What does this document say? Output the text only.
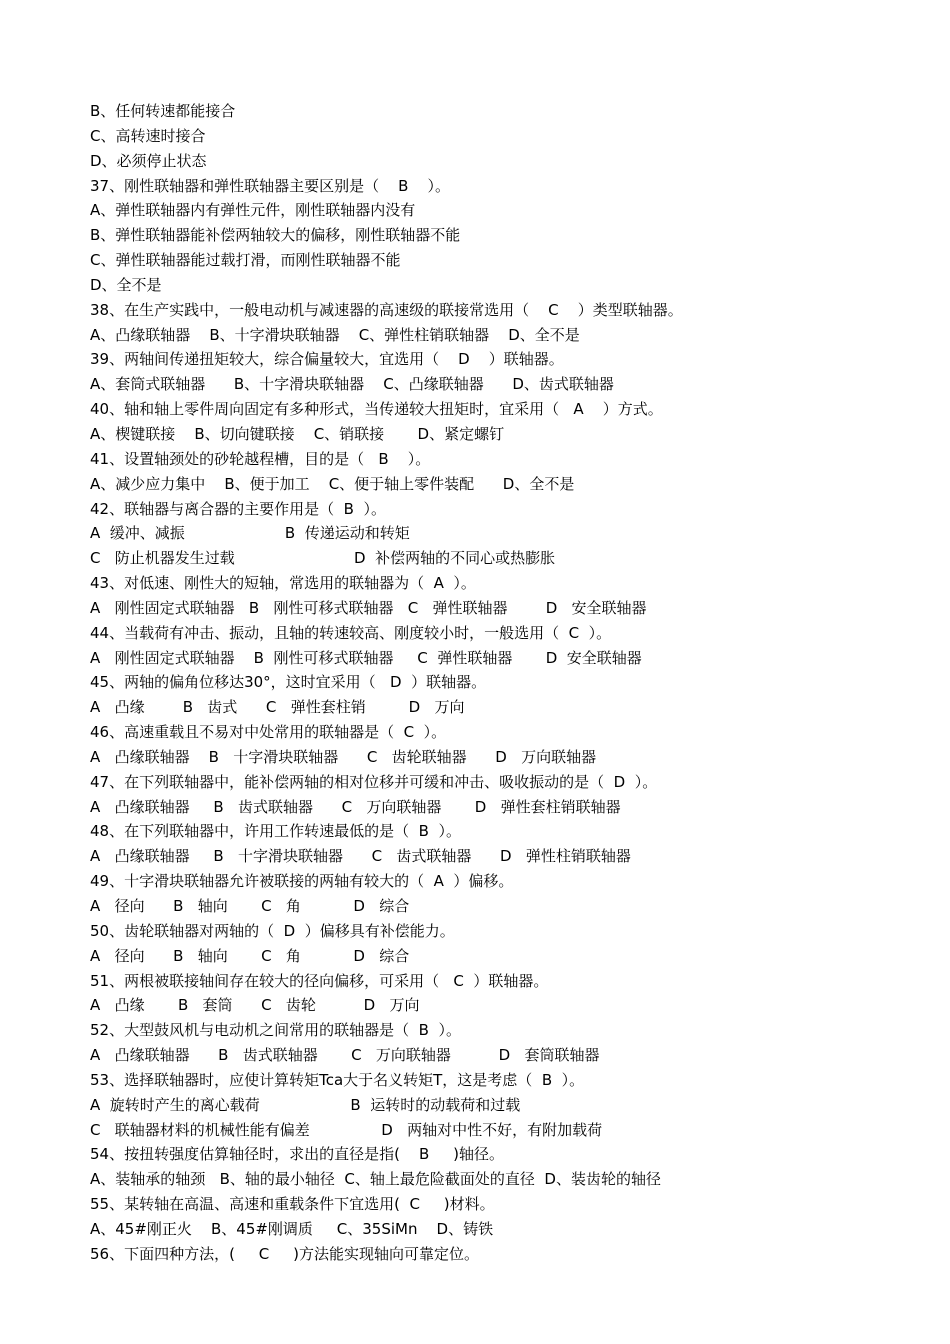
B、任何转速都能接合
C、高转速时接合
D、必须停止状态
37、刚性联轴器和弹性联轴器主要区别是（    B    ）。
A、弹性联轴器内有弹性元件，刚性联轴器内没有
B、弹性联轴器能补偿两轴较大的偏移，刚性联轴器不能
C、弹性联轴器能过载打滑，而刚性联轴器不能
D、全不是
38、在生产实践中，一般电动机与减速器的高速级的联接常选用（    C    ）类型联轴器。
A、凸缘联轴器    B、十字滑块联轴器    C、弹性柱销联轴器    D、全不是
39、两轴间传递扭矩较大，综合偏量较大，宜选用（    D    ）联轴器。
A、套筒式联轴器      B、十字滑块联轴器    C、凸缘联轴器      D、齿式联轴器
40、轴和轴上零件周向固定有多种形式，当传递较大扭矩时，宜采用（   A    ）方式。
A、楔键联接    B、切向键联接    C、销联接       D、紧定螺钉
41、设置轴颈处的砂轮越程槽，目的是（   B    ）。
A、减少应力集中    B、便于加工    C、便于轴上零件装配      D、全不是
42、联轴器与离合器的主要作用是（  B  ）。
A  缓冲、减振                     B  传递运动和转矩
C   防止机器发生过载                         D  补偿两轴的不同心或热膨胀
43、对低速、刚性大的短轴，常选用的联轴器为（  A  ）。
A   刚性固定式联轴器   B   刚性可移式联轴器   C   弹性联轴器        D   安全联轴器
44、当载荷有冲击、振动，且轴的转速较高、刚度较小时，一般选用（  C  ）。
A   刚性固定式联轴器    B  刚性可移式联轴器     C  弹性联轴器       D  安全联轴器
45、两轴的偏角位移达30°，这时宜采用（   D  ）联轴器。
A   凸缘        B   齿式      C   弹性套柱销         D   万向
46、高速重载且不易对中处常用的联轴器是（  C  ）。
A   凸缘联轴器    B   十字滑块联轴器      C   齿轮联轴器      D   万向联轴器
47、在下列联轴器中，能补偿两轴的相对位移并可缓和冲击、吸收振动的是（  D  ）。
A   凸缘联轴器     B   齿式联轴器      C   万向联轴器       D   弹性套柱销联轴器
48、在下列联轴器中，许用工作转速最低的是（  B  ）。
A   凸缘联轴器     B   十字滑块联轴器      C   齿式联轴器      D   弹性柱销联轴器
49、十字滑块联轴器允许被联接的两轴有较大的（  A  ）偏移。
A   径向      B   轴向       C   角           D   综合
50、齿轮联轴器对两轴的（  D  ）偏移具有补偿能力。
A   径向      B   轴向       C   角           D   综合
51、两根被联接轴间存在较大的径向偏移，可采用（   C  ）联轴器。
A   凸缘       B   套筒      C   齿轮          D   万向
52、大型鼓风机与电动机之间常用的联轴器是（  B  ）。
A   凸缘联轴器      B   齿式联轴器       C   万向联轴器          D   套筒联轴器
53、选择联轴器时，应使计算转矩Tca大于名义转矩T，这是考虑（  B  ）。
A  旋转时产生的离心载荷                   B  运转时的动载荷和过载
C   联轴器材料的机械性能有偏差               D   两轴对中性不好，有附加载荷
54、按扭转强度估算轴径时，求出的直径是指(    B     )轴径。
A、装轴承的轴颈   B、轴的最小轴径  C、轴上最危险截面处的直径  D、装齿轮的轴径
55、某转轴在高温、高速和重载条件下宜选用(  C     )材料。
A、45#刚正火    B、45#刚调质     C、35SiMn    D、铸铁
56、下面四种方法，(     C     )方法能实现轴向可靠定位。
